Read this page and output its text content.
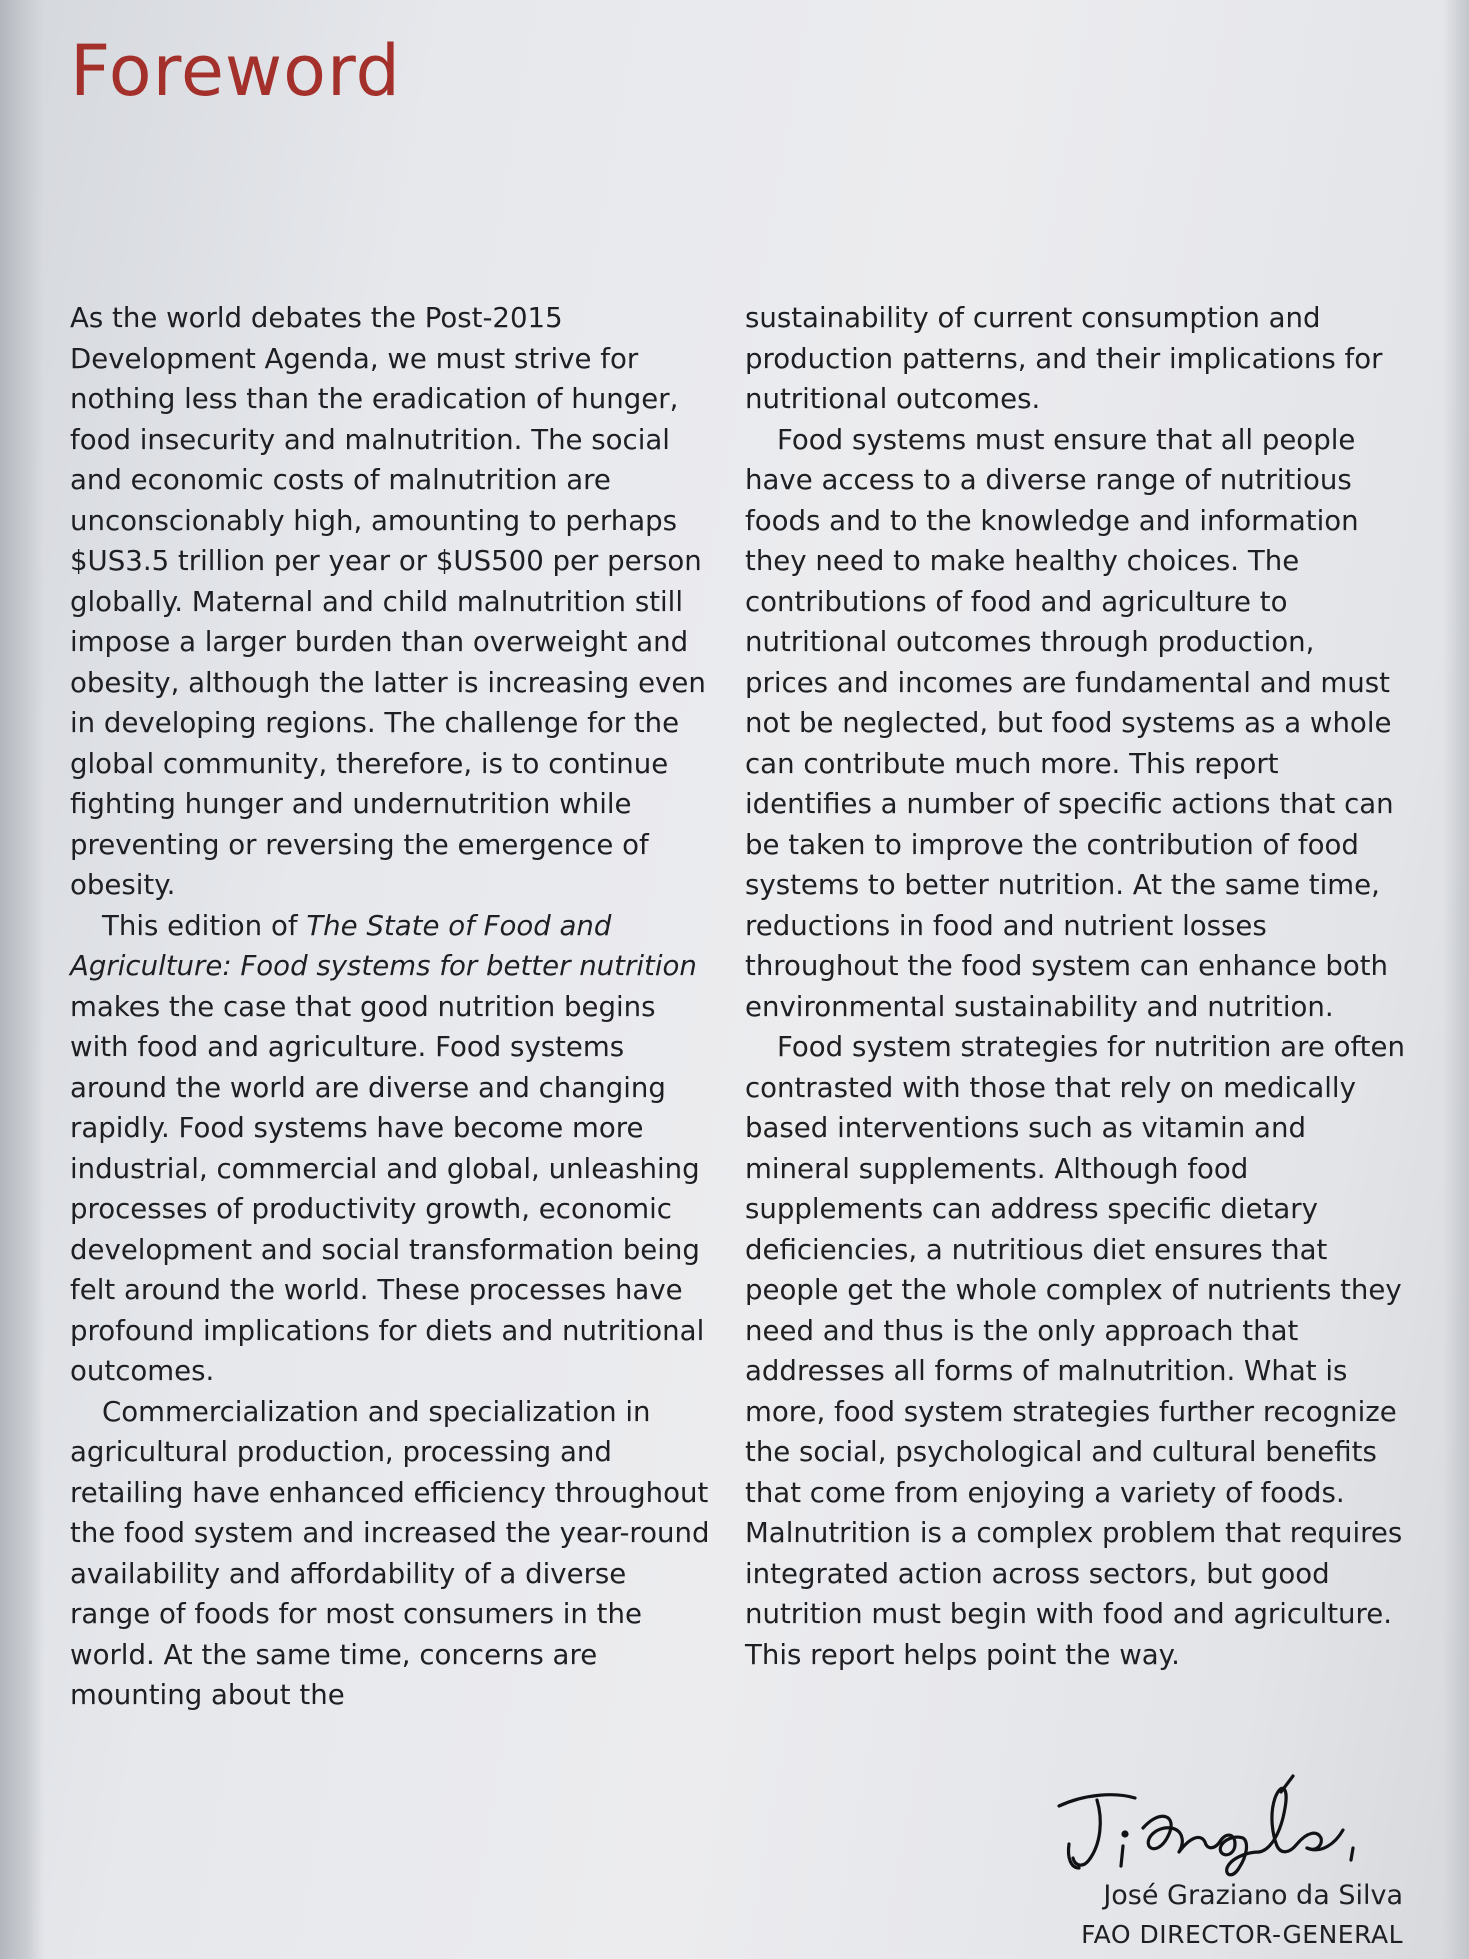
Foreword

As the world debates the Post-2015 Development Agenda, we must strive for nothing less than the eradication of hunger, food insecurity and malnutrition. The social and economic costs of malnutrition are unconscionably high, amounting to perhaps $US3.5 trillion per year or $US500 per person globally. Maternal and child malnutrition still impose a larger burden than overweight and obesity, although the latter is increasing even in developing regions. The challenge for the global community, therefore, is to continue fighting hunger and undernutrition while preventing or reversing the emergence of obesity.

This edition of The State of Food and Agriculture: Food systems for better nutrition makes the case that good nutrition begins with food and agriculture. Food systems around the world are diverse and changing rapidly. Food systems have become more industrial, commercial and global, unleashing processes of productivity growth, economic development and social transformation being felt around the world. These processes have profound implications for diets and nutritional outcomes.

Commercialization and specialization in agricultural production, processing and retailing have enhanced efficiency throughout the food system and increased the year-round availability and affordability of a diverse range of foods for most consumers in the world. At the same time, concerns are mounting about the

sustainability of current consumption and production patterns, and their implications for nutritional outcomes.

Food systems must ensure that all people have access to a diverse range of nutritious foods and to the knowledge and information they need to make healthy choices. The contributions of food and agriculture to nutritional outcomes through production, prices and incomes are fundamental and must not be neglected, but food systems as a whole can contribute much more. This report identifies a number of specific actions that can be taken to improve the contribution of food systems to better nutrition. At the same time, reductions in food and nutrient losses throughout the food system can enhance both environmental sustainability and nutrition.

Food system strategies for nutrition are often contrasted with those that rely on medically based interventions such as vitamin and mineral supplements. Although food supplements can address specific dietary deficiencies, a nutritious diet ensures that people get the whole complex of nutrients they need and thus is the only approach that addresses all forms of malnutrition. What is more, food system strategies further recognize the social, psychological and cultural benefits that come from enjoying a variety of foods. Malnutrition is a complex problem that requires integrated action across sectors, but good nutrition must begin with food and agriculture. This report helps point the way.

José Graziano da Silva
FAO DIRECTOR-GENERAL
